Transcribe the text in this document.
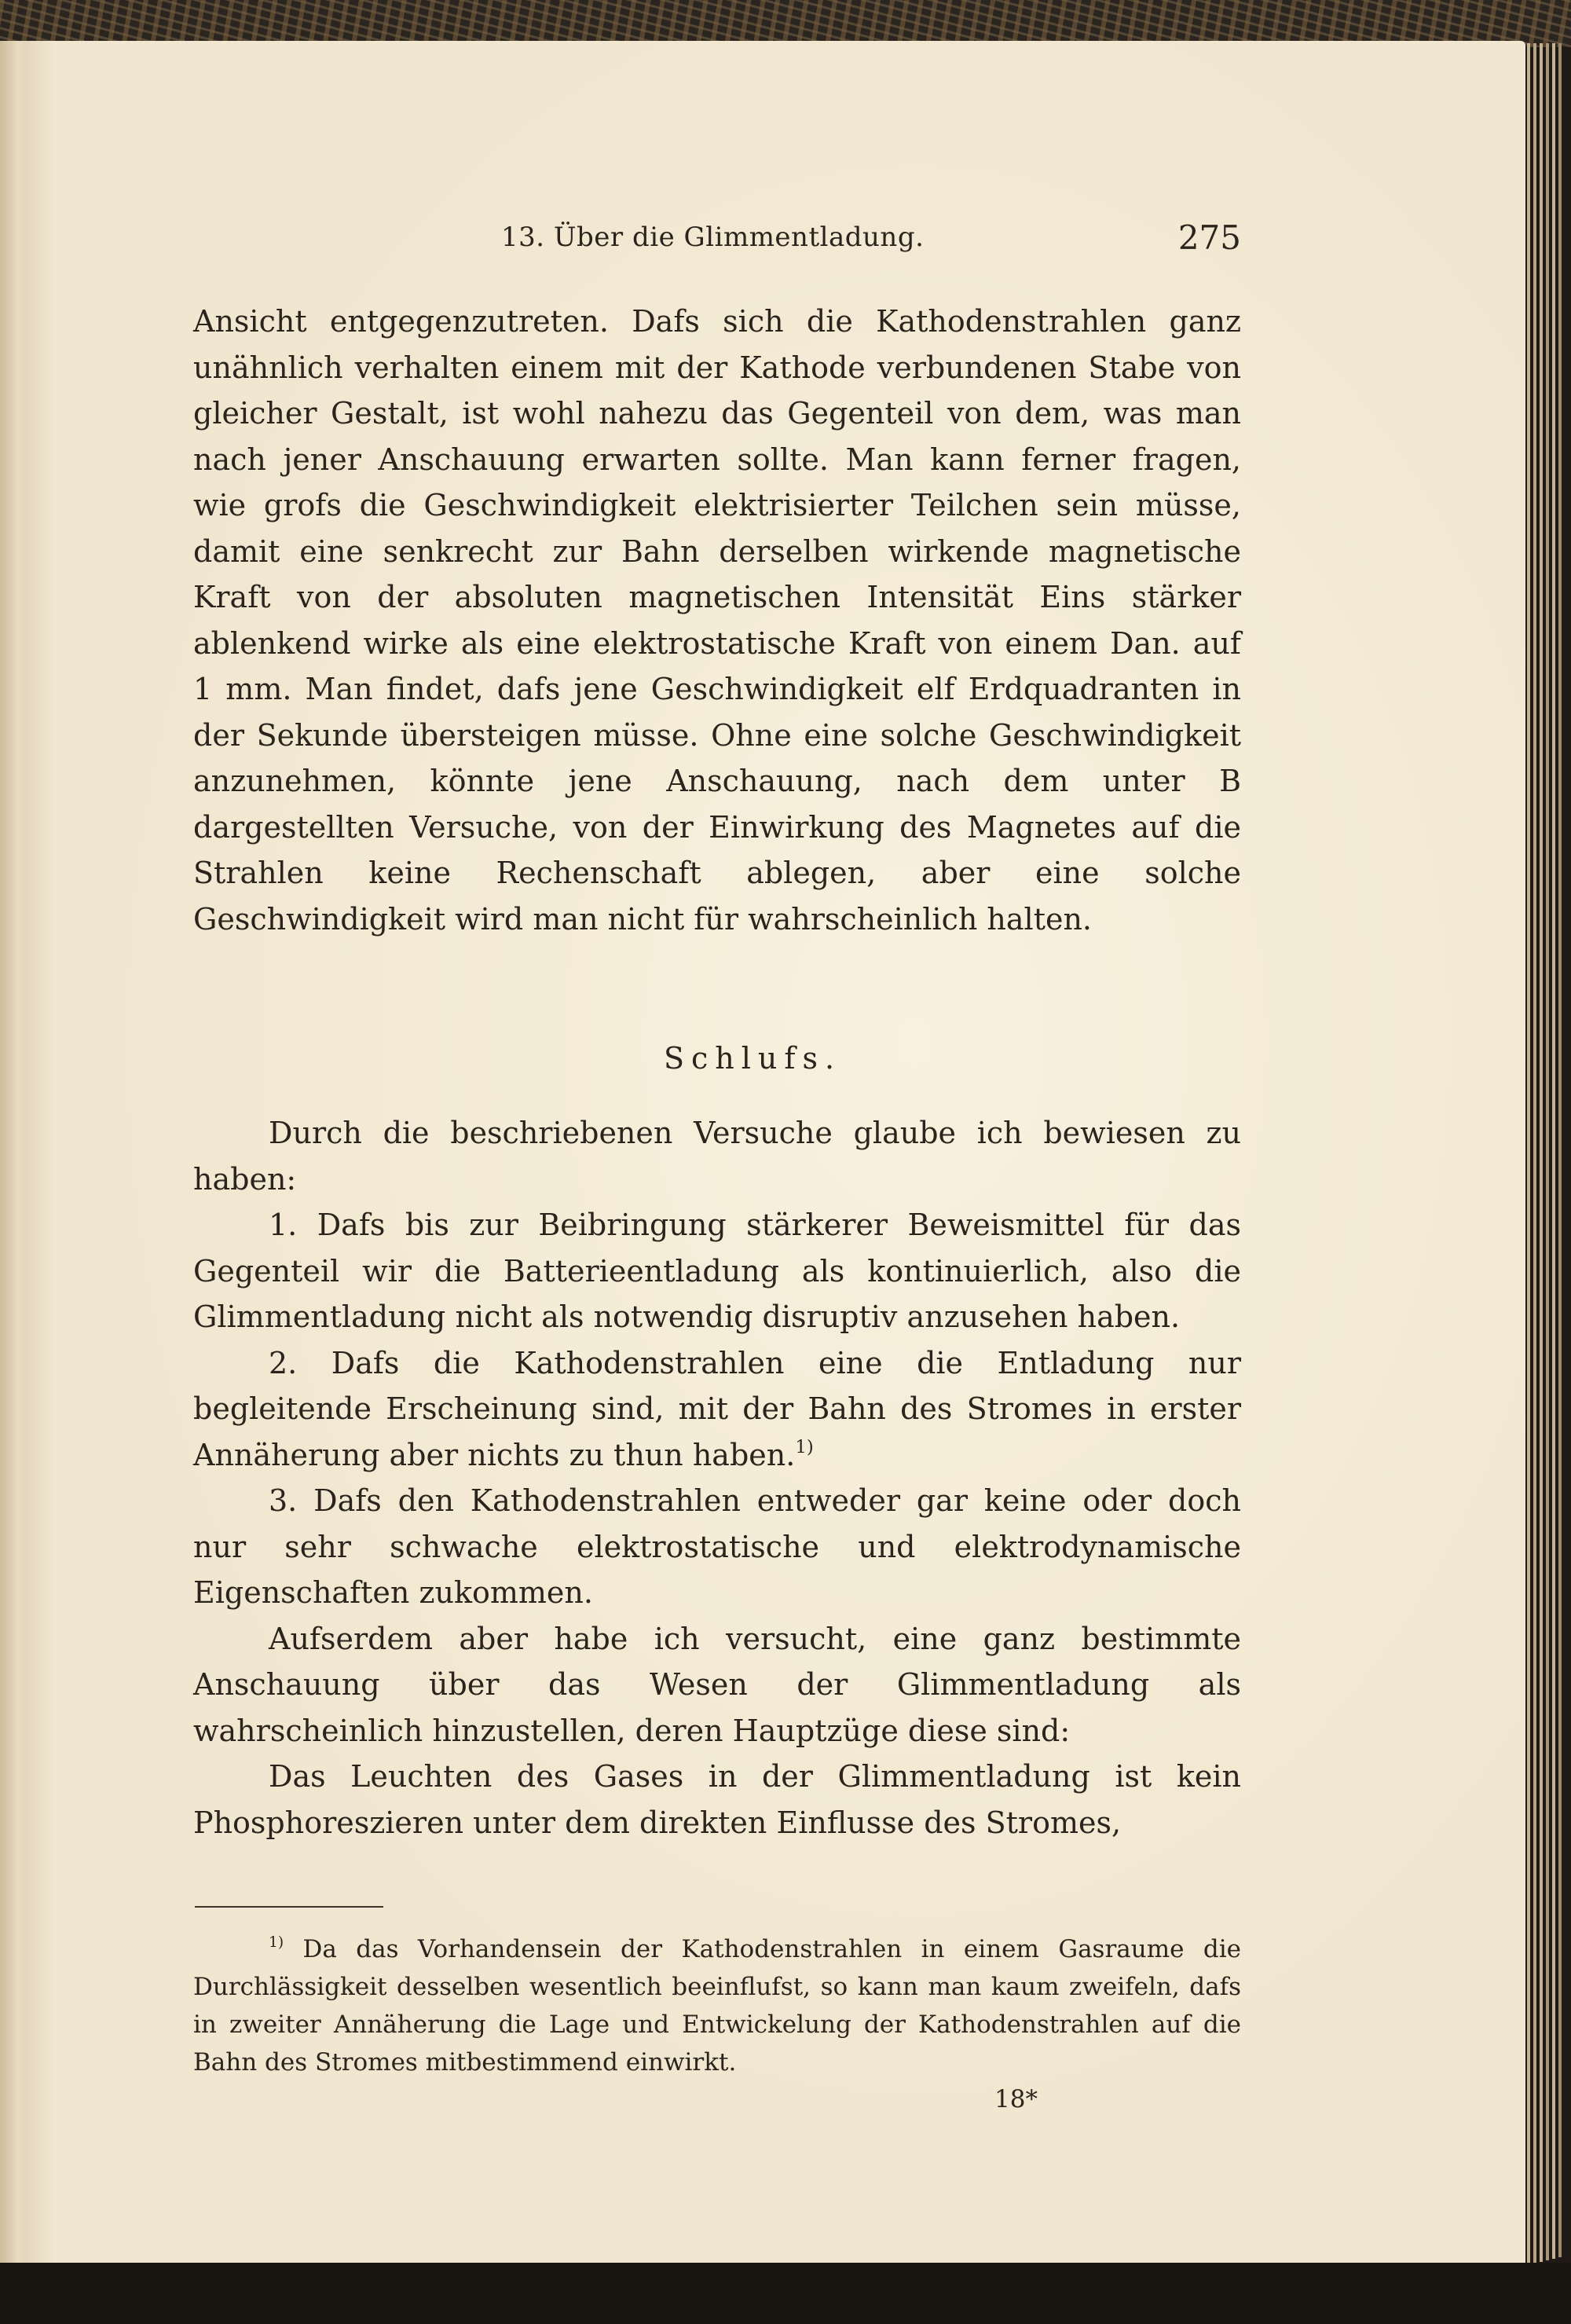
13. Über die Glimmentladung.	275

Ansicht entgegenzutreten. Dafs sich die Kathodenstrahlen ganz unähnlich verhalten einem mit der Kathode verbundenen Stabe von gleicher Gestalt, ist wohl nahezu das Gegenteil von dem, was man nach jener Anschauung erwarten sollte. Man kann ferner fragen, wie grofs die Geschwindigkeit elektrisierter Teilchen sein müsse, damit eine senkrecht zur Bahn derselben wirkende magnetische Kraft von der absoluten magnetischen Intensität Eins stärker ablenkend wirke als eine elektrostatische Kraft von einem Dan. auf 1 mm. Man findet, dafs jene Geschwindigkeit elf Erdquadranten in der Sekunde übersteigen müsse. Ohne eine solche Geschwindigkeit anzunehmen, könnte jene Anschauung, nach dem unter B dargestellten Versuche, von der Einwirkung des Magnetes auf die Strahlen keine Rechenschaft ablegen, aber eine solche Geschwindigkeit wird man nicht für wahrscheinlich halten.

Schlufs.

Durch die beschriebenen Versuche glaube ich bewiesen zu haben:

1. Dafs bis zur Beibringung stärkerer Beweismittel für das Gegenteil wir die Batterieentladung als kontinuierlich, also die Glimmentladung nicht als notwendig disruptiv anzusehen haben.

2. Dafs die Kathodenstrahlen eine die Entladung nur begleitende Erscheinung sind, mit der Bahn des Stromes in erster Annäherung aber nichts zu thun haben.$^{1)}$

3. Dafs den Kathodenstrahlen entweder gar keine oder doch nur sehr schwache elektrostatische und elektrodynamische Eigenschaften zukommen.

Aufserdem aber habe ich versucht, eine ganz bestimmte Anschauung über das Wesen der Glimmentladung als wahrscheinlich hinzustellen, deren Hauptzüge diese sind:

Das Leuchten des Gases in der Glimmentladung ist kein Phosphoreszieren unter dem direkten Einflusse des Stromes,

$^{1)}$ Da das Vorhandensein der Kathodenstrahlen in einem Gasraume die Durchlässigkeit desselben wesentlich beeinflufst, so kann man kaum zweifeln, dafs in zweiter Annäherung die Lage und Entwickelung der Kathodenstrahlen auf die Bahn des Stromes mitbestimmend einwirkt.

18*
